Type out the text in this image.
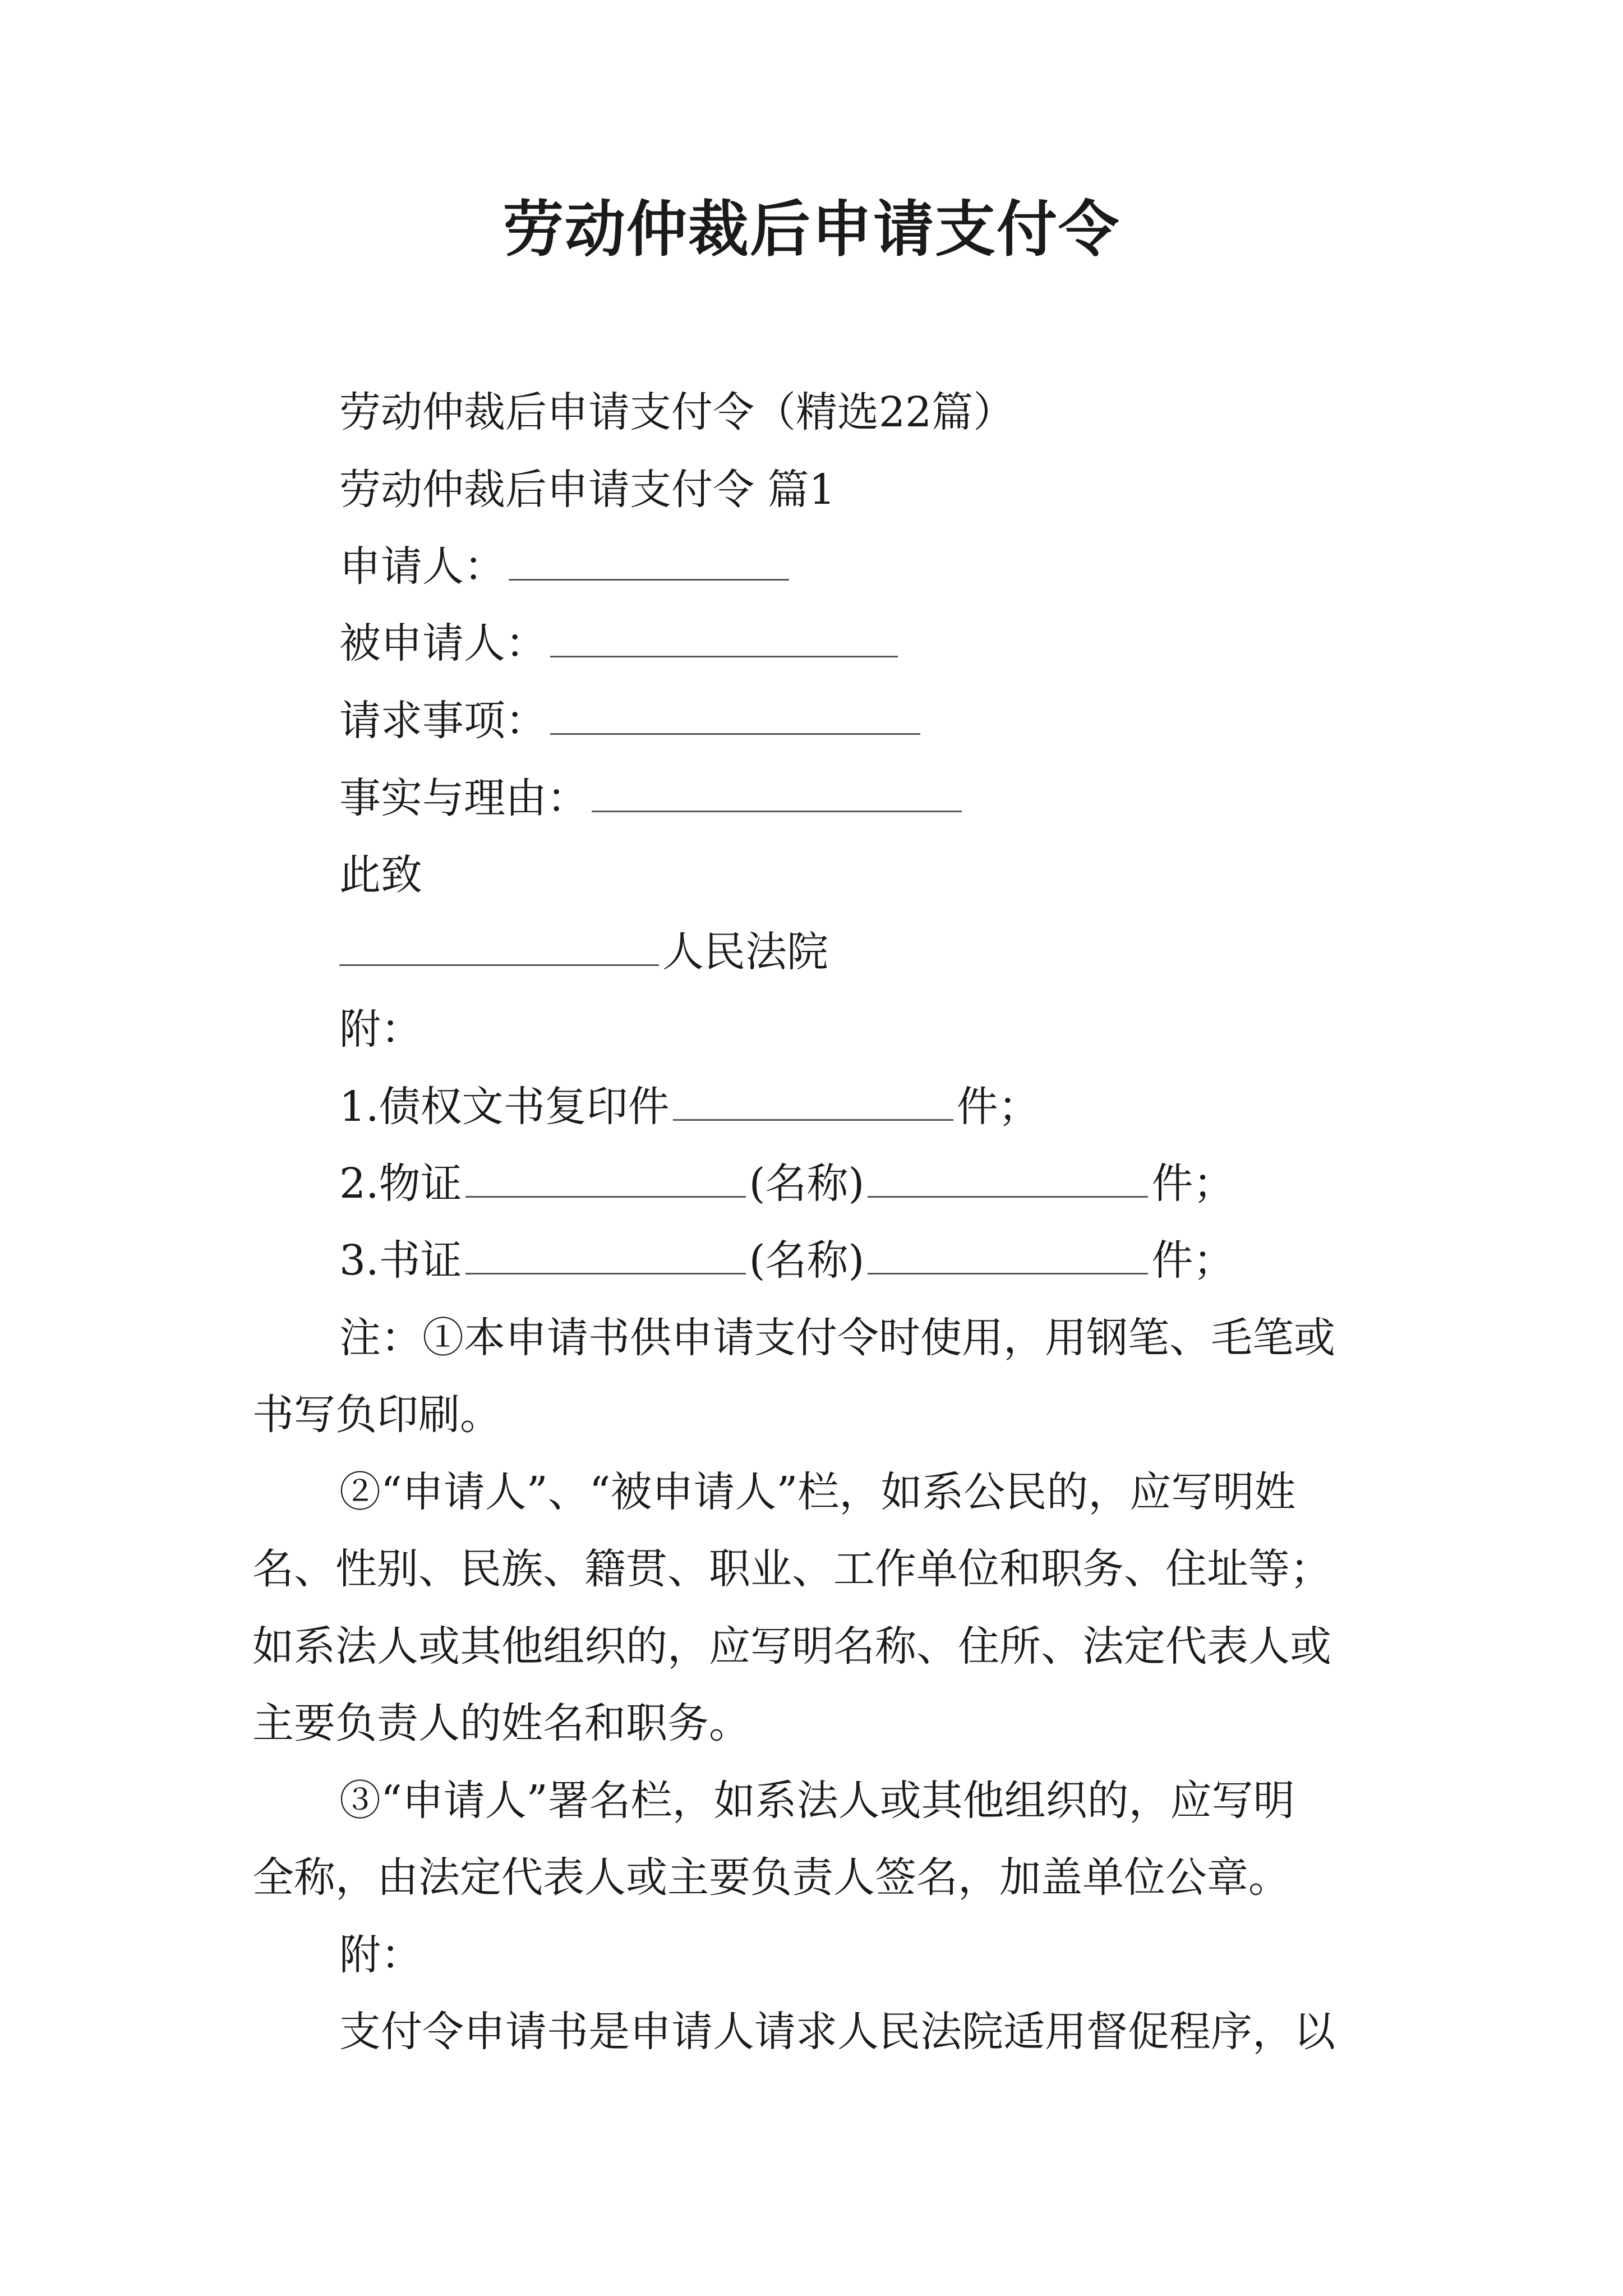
劳动仲裁后申请支付令
劳动仲裁后申请支付令（精选22篇）
劳动仲裁后申请支付令 篇1
申请人：
被申请人：
请求事项：
事实与理由：
此致
人民法院
附：
1.债权文书复印件	件；
2.物证	(名称)	件；
3.书证	(名称)	件；
注：①本申请书供申请支付令时使用，用钢笔、毛笔或
书写负印刷。
②“申请人”、“被申请人”栏，如系公民的，应写明姓
名、性别、民族、籍贯、职业、工作单位和职务、住址等；
如系法人或其他组织的，应写明名称、住所、法定代表人或
主要负责人的姓名和职务。
③“申请人”署名栏，如系法人或其他组织的，应写明
全称，由法定代表人或主要负责人签名，加盖单位公章。
附：
支付令申请书是申请人请求人民法院适用督促程序，以
